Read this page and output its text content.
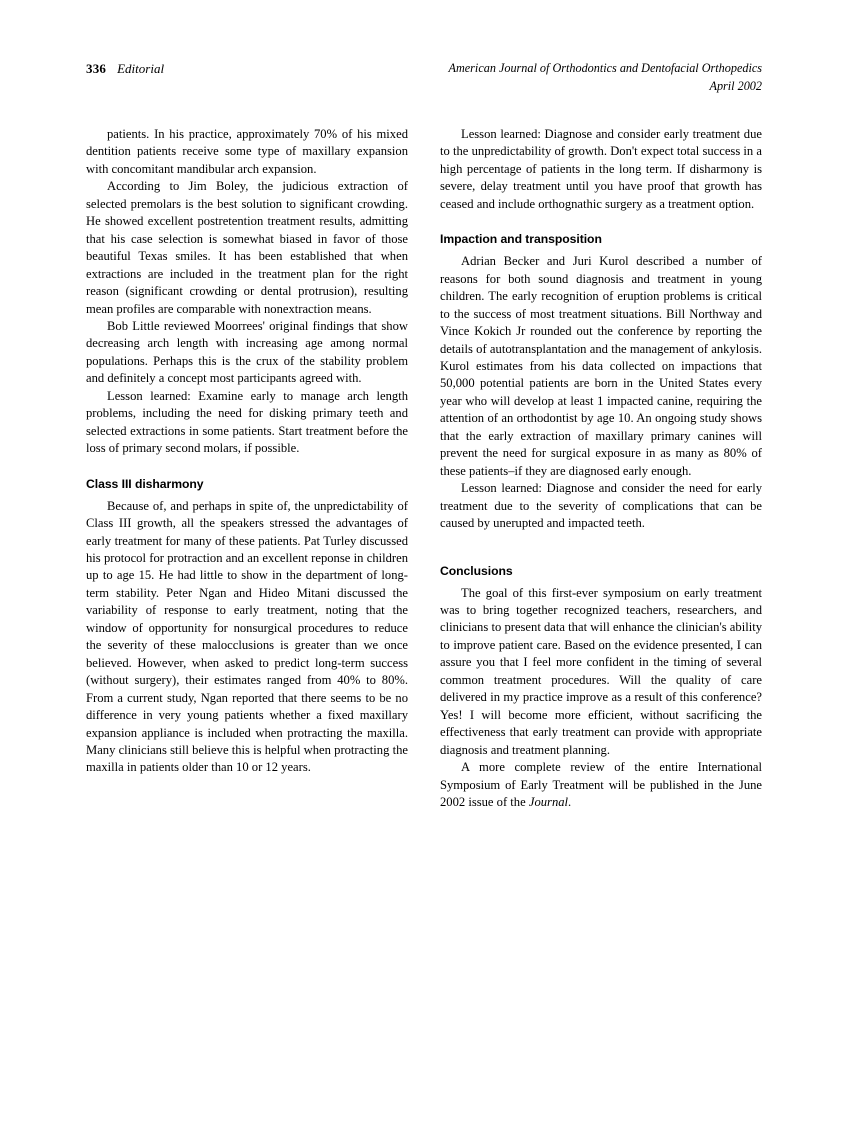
336 Editorial	American Journal of Orthodontics and Dentofacial Orthopedics
April 2002

patients. In his practice, approximately 70% of his mixed dentition patients receive some type of maxillary expansion with concomitant mandibular arch expansion.

According to Jim Boley, the judicious extraction of selected premolars is the best solution to significant crowding. He showed excellent postretention treatment results, admitting that his case selection is somewhat biased in favor of those beautiful Texas smiles. It has been established that when extractions are included in the treatment plan for the right reason (significant crowding or dental protrusion), resulting mean profiles are comparable with nonextraction means.

Bob Little reviewed Moorrees' original findings that show decreasing arch length with increasing age among normal populations. Perhaps this is the crux of the stability problem and definitely a concept most participants agreed with.

Lesson learned: Examine early to manage arch length problems, including the need for disking primary teeth and selected extractions in some patients. Start treatment before the loss of primary second molars, if possible.

Class III disharmony

Because of, and perhaps in spite of, the unpredictability of Class III growth, all the speakers stressed the advantages of early treatment for many of these patients. Pat Turley discussed his protocol for protraction and an excellent reponse in children up to age 15. He had little to show in the department of long-term stability. Peter Ngan and Hideo Mitani discussed the variability of response to early treatment, noting that the window of opportunity for nonsurgical procedures to reduce the severity of these malocclusions is greater than we once believed. However, when asked to predict long-term success (without surgery), their estimates ranged from 40% to 80%. From a current study, Ngan reported that there seems to be no difference in very young patients whether a fixed maxillary expansion appliance is included when protracting the maxilla. Many clinicians still believe this is helpful when protracting the maxilla in patients older than 10 or 12 years.

Lesson learned: Diagnose and consider early treatment due to the unpredictability of growth. Don't expect total success in a high percentage of patients in the long term. If disharmony is severe, delay treatment until you have proof that growth has ceased and include orthognathic surgery as a treatment option.

Impaction and transposition

Adrian Becker and Juri Kurol described a number of reasons for both sound diagnosis and treatment in young children. The early recognition of eruption problems is critical to the success of most treatment situations. Bill Northway and Vince Kokich Jr rounded out the conference by reporting the details of autotransplantation and the management of ankylosis. Kurol estimates from his data collected on impactions that 50,000 potential patients are born in the United States every year who will develop at least 1 impacted canine, requiring the attention of an orthodontist by age 10. An ongoing study shows that the early extraction of maxillary primary canines will prevent the need for surgical exposure in as many as 80% of these patients–if they are diagnosed early enough.

Lesson learned: Diagnose and consider the need for early treatment due to the severity of complications that can be caused by unerupted and impacted teeth.

Conclusions

The goal of this first-ever symposium on early treatment was to bring together recognized teachers, researchers, and clinicians to present data that will enhance the clinician's ability to improve patient care. Based on the evidence presented, I can assure you that I feel more confident in the timing of several common treatment procedures. Will the quality of care delivered in my practice improve as a result of this conference? Yes! I will become more efficient, without sacrificing the effectiveness that early treatment can provide with appropriate diagnosis and treatment planning.

A more complete review of the entire International Symposium of Early Treatment will be published in the June 2002 issue of the Journal.
